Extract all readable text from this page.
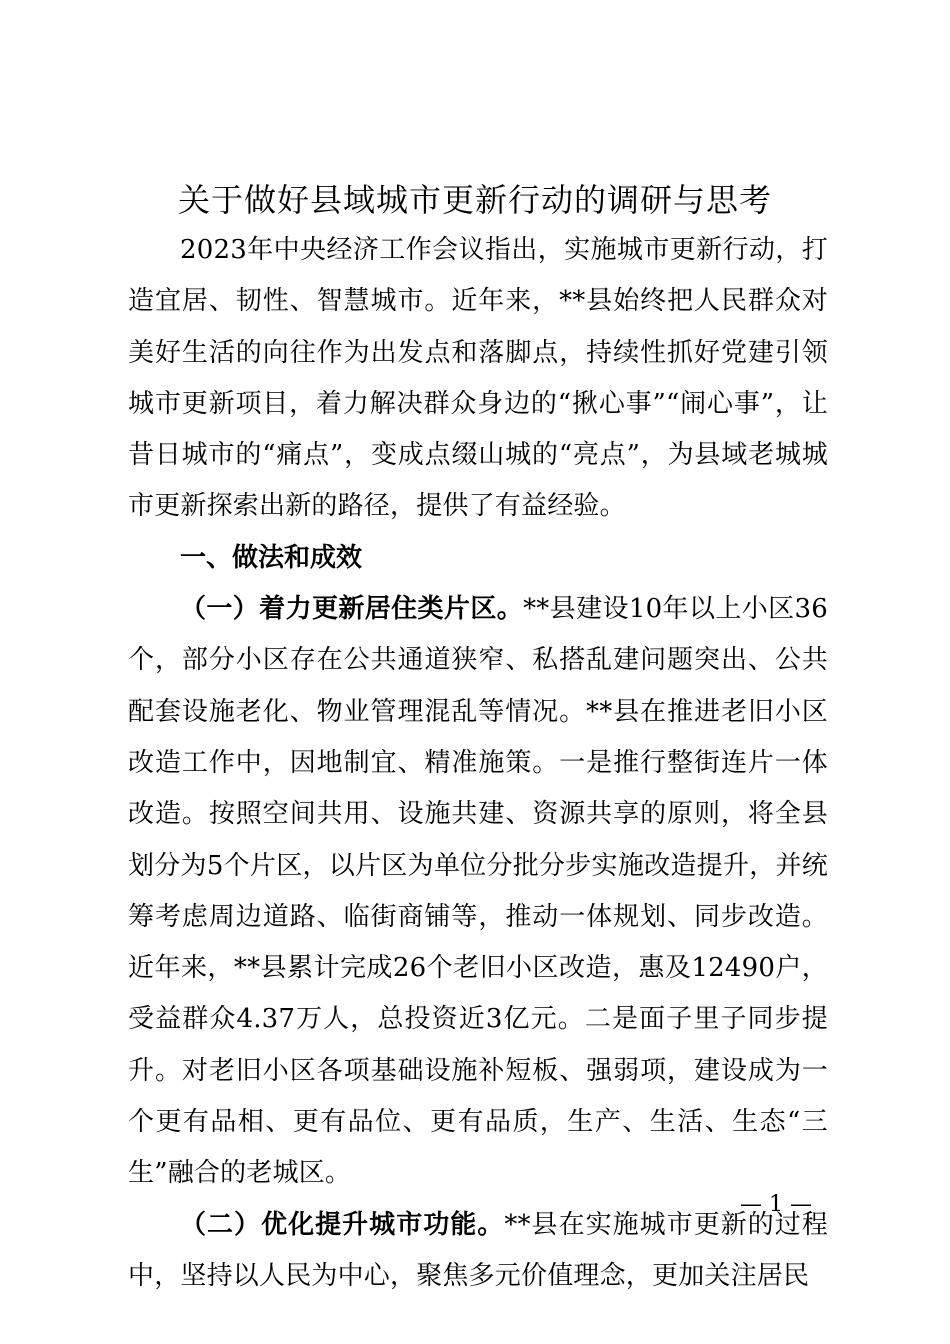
关于做好县域城市更新行动的调研与思考

2023年中央经济工作会议指出，实施城市更新行动，打造宜居、韧性、智慧城市。近年来，**县始终把人民群众对美好生活的向往作为出发点和落脚点，持续性抓好党建引领城市更新项目，着力解决群众身边的“揪心事”“闹心事”，让昔日城市的“痛点”，变成点缀山城的“亮点”，为县域老城城市更新探索出新的路径，提供了有益经验。

一、做法和成效

（一）着力更新居住类片区。**县建设10年以上小区36个，部分小区存在公共通道狭窄、私搭乱建问题突出、公共配套设施老化、物业管理混乱等情况。**县在推进老旧小区改造工作中，因地制宜、精准施策。一是推行整街连片一体改造。按照空间共用、设施共建、资源共享的原则，将全县划分为5个片区，以片区为单位分批分步实施改造提升，并统筹考虑周边道路、临街商铺等，推动一体规划、同步改造。近年来，**县累计完成26个老旧小区改造，惠及12490户，受益群众4.37万人，总投资近3亿元。二是面子里子同步提升。对老旧小区各项基础设施补短板、强弱项，建设成为一个更有品相、更有品位、更有品质，生产、生活、生态“三生”融合的老城区。

（二）优化提升城市功能。**县在实施城市更新的过程中，坚持以人民为中心，聚焦多元价值理念，更加关注居民

— 1 —
